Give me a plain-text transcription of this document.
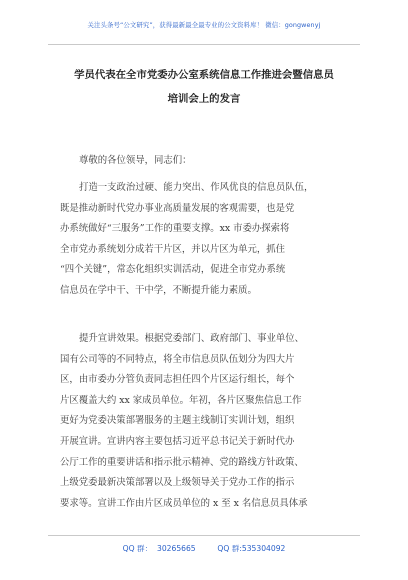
关注头条号“公文研究”，获得最新最全最专业的公文资料库！ 微信：gongwenyj
学员代表在全市党委办公室系统信息工作推进会暨信息员
培训会上的发言
尊敬的各位领导，同志们：
打造一支政治过硬、能力突出、作风优良的信息员队伍，
既是推动新时代党办事业高质量发展的客观需要，也是党
办系统做好“三服务”工作的重要支撑。xx 市委办探索将
全市党办系统划分成若干片区，并以片区为单元，抓住
“四个关键”，常态化组织实训活动，促进全市党办系统
信息员在学中干、干中学，不断提升能力素质。
提升宣讲效果。根据党委部门、政府部门、事业单位、
国有公司等的不同特点，将全市信息员队伍划分为四大片
区，由市委办分管负责同志担任四个片区运行组长，每个
片区覆盖大约 xx 家成员单位。年初，各片区聚焦信息工作
更好为党委决策部署服务的主题主线制订实训计划，组织
开展宣讲。宣讲内容主要包括习近平总书记关于新时代办
公厅工作的重要讲话和指示批示精神、党的路线方针政策、
上级党委最新决策部署以及上级领导关于党办工作的指示
要求等。宣讲工作由片区成员单位的 x 至 x 名信息员具体承
QQ 群：  30265665         QQ 群:535304092
